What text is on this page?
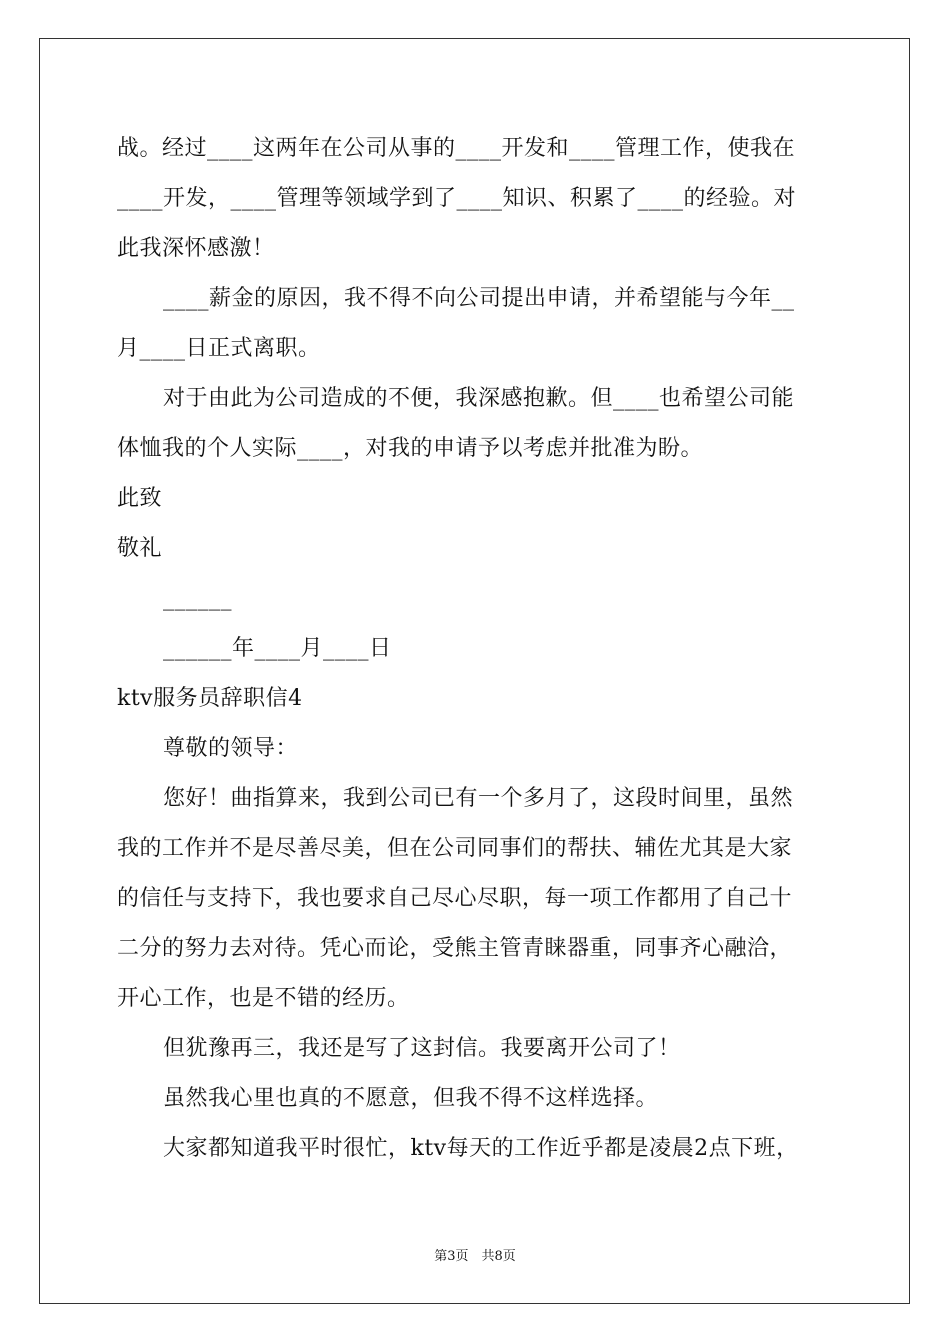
战。经过____这两年在公司从事的____开发和____管理工作，使我在
____开发，____管理等领域学到了____知识、积累了____的经验。对
此我深怀感激！
____薪金的原因，我不得不向公司提出申请，并希望能与今年__
月____日正式离职。
对于由此为公司造成的不便，我深感抱歉。但____也希望公司能
体恤我的个人实际____，对我的申请予以考虑并批准为盼。
此致
敬礼
______
______年____月____日
ktv服务员辞职信4
尊敬的领导：
您好！曲指算来，我到公司已有一个多月了，这段时间里，虽然
我的工作并不是尽善尽美，但在公司同事们的帮扶、辅佐尤其是大家
的信任与支持下，我也要求自己尽心尽职，每一项工作都用了自己十
二分的努力去对待。凭心而论，受熊主管青睐器重，同事齐心融洽，
开心工作，也是不错的经历。
但犹豫再三，我还是写了这封信。我要离开公司了！
虽然我心里也真的不愿意，但我不得不这样选择。
大家都知道我平时很忙，ktv每天的工作近乎都是凌晨2点下班，
第3页　共8页
